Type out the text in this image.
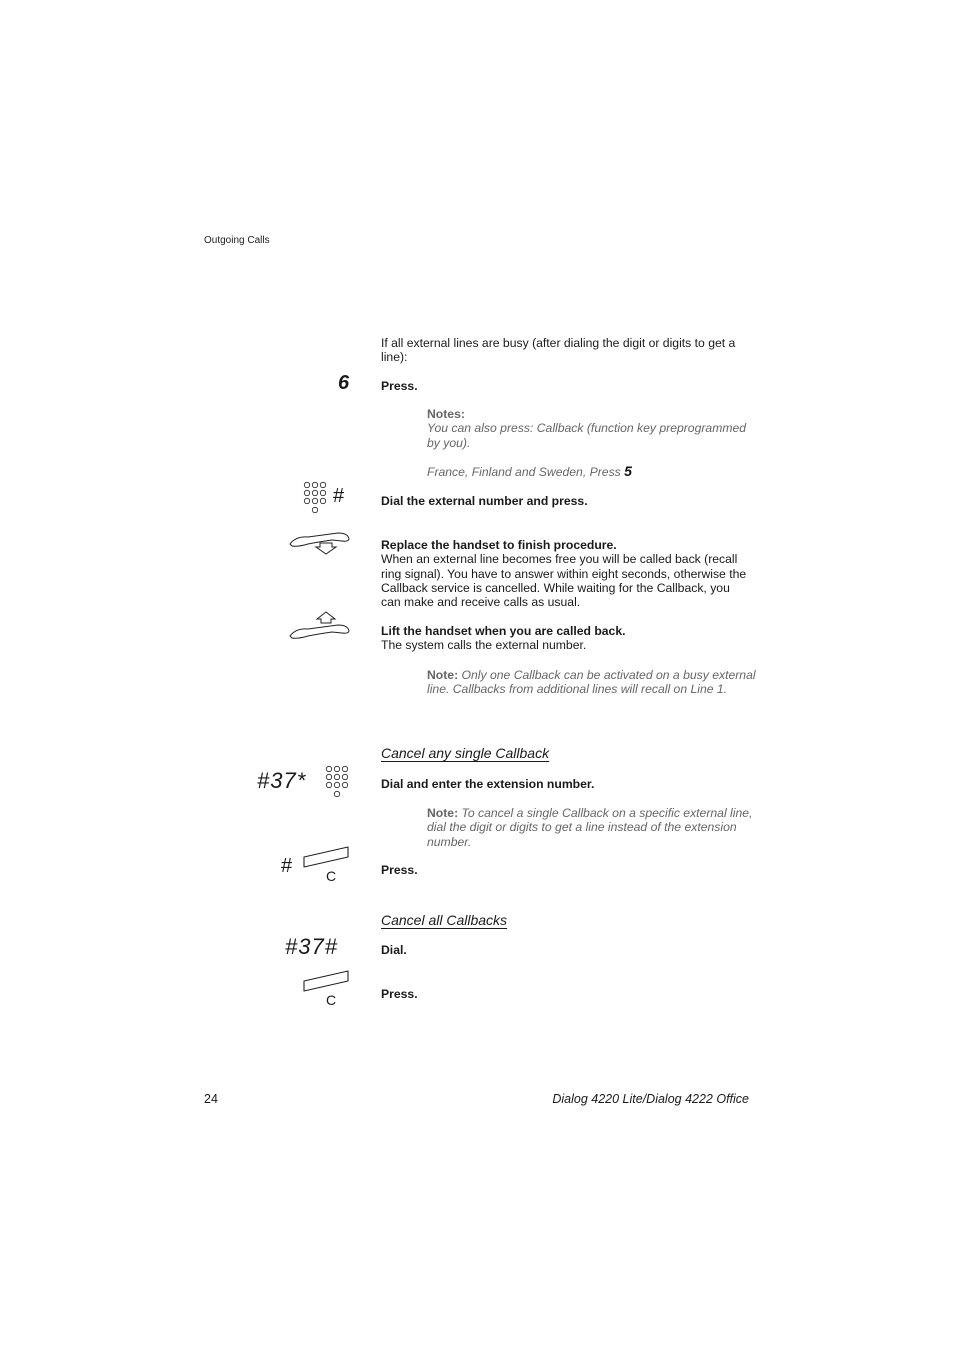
Outgoing Calls
If all external lines are busy (after dialing the digit or digits to get a line):
6	Press.
Notes:
You can also press: Callback (function key preprogrammed by you).
France, Finland and Sweden, Press 5
#	Dial the external number and press.
Replace the handset to finish procedure.
When an external line becomes free you will be called back (recall ring signal). You have to answer within eight seconds, otherwise the Callback service is cancelled. While waiting for the Callback, you can make and receive calls as usual.
Lift the handset when you are called back.
The system calls the external number.
Note: Only one Callback can be activated on a busy external line. Callbacks from additional lines will recall on Line 1.
Cancel any single Callback
#37*	Dial and enter the extension number.
Note: To cancel a single Callback on a specific external line, dial the digit or digits to get a line instead of the extension number.
# C	Press.
Cancel all Callbacks
#37#	Dial.
C	Press.
24	Dialog 4220 Lite/Dialog 4222 Office
